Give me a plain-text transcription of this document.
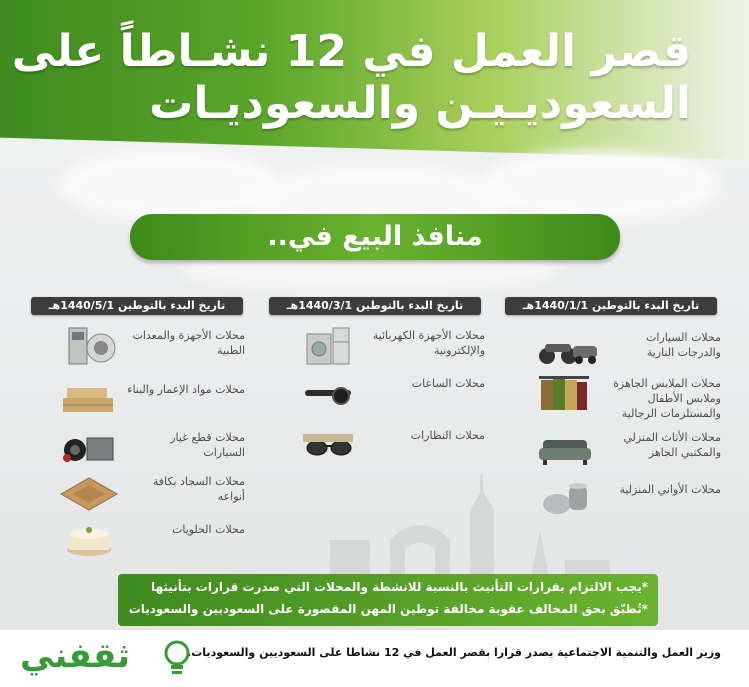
قصر العمل في 12 نشـاطاً على
السعوديـيـن والسعوديـات
منافذ البيع في..
تاريخ البدء بالتوطين 1440/1/1هـ
محلات السيارات والدرجات النارية
محلات الملابس الجاهزة وملابس الأطفال والمستلزمات الرجالية
محلات الأثاث المنزلي والمكتبي الجاهز
محلات الأواني المنزلية
تاريخ البدء بالتوطين 1440/3/1هـ
محلات الأجهزة الكهربائية والإلكترونية
محلات الساعات
محلات النظارات
تاريخ البدء بالتوطين 1440/5/1هـ
محلات الأجهزة والمعدات الطبية
محلات مواد الإعمار والبناء
محلات قطع غيار السيارات
محلات السجاد بكافة أنواعه
محلات الحلويات
*يجب الالتزام بقرارات التأنيث بالنسبة للانشطة والمحلات التي صدرت قرارات بتأنيثها
*تُطبّق بحق المخالف عقوبة مخالفة توطين المهن المقصورة على السعوديين والسعوديات
وزير العمل والتنمية الاجتماعية يصدر قرارا بقصر العمل في 12 نشاطا على السعوديين والسعوديات.
ثقفني
